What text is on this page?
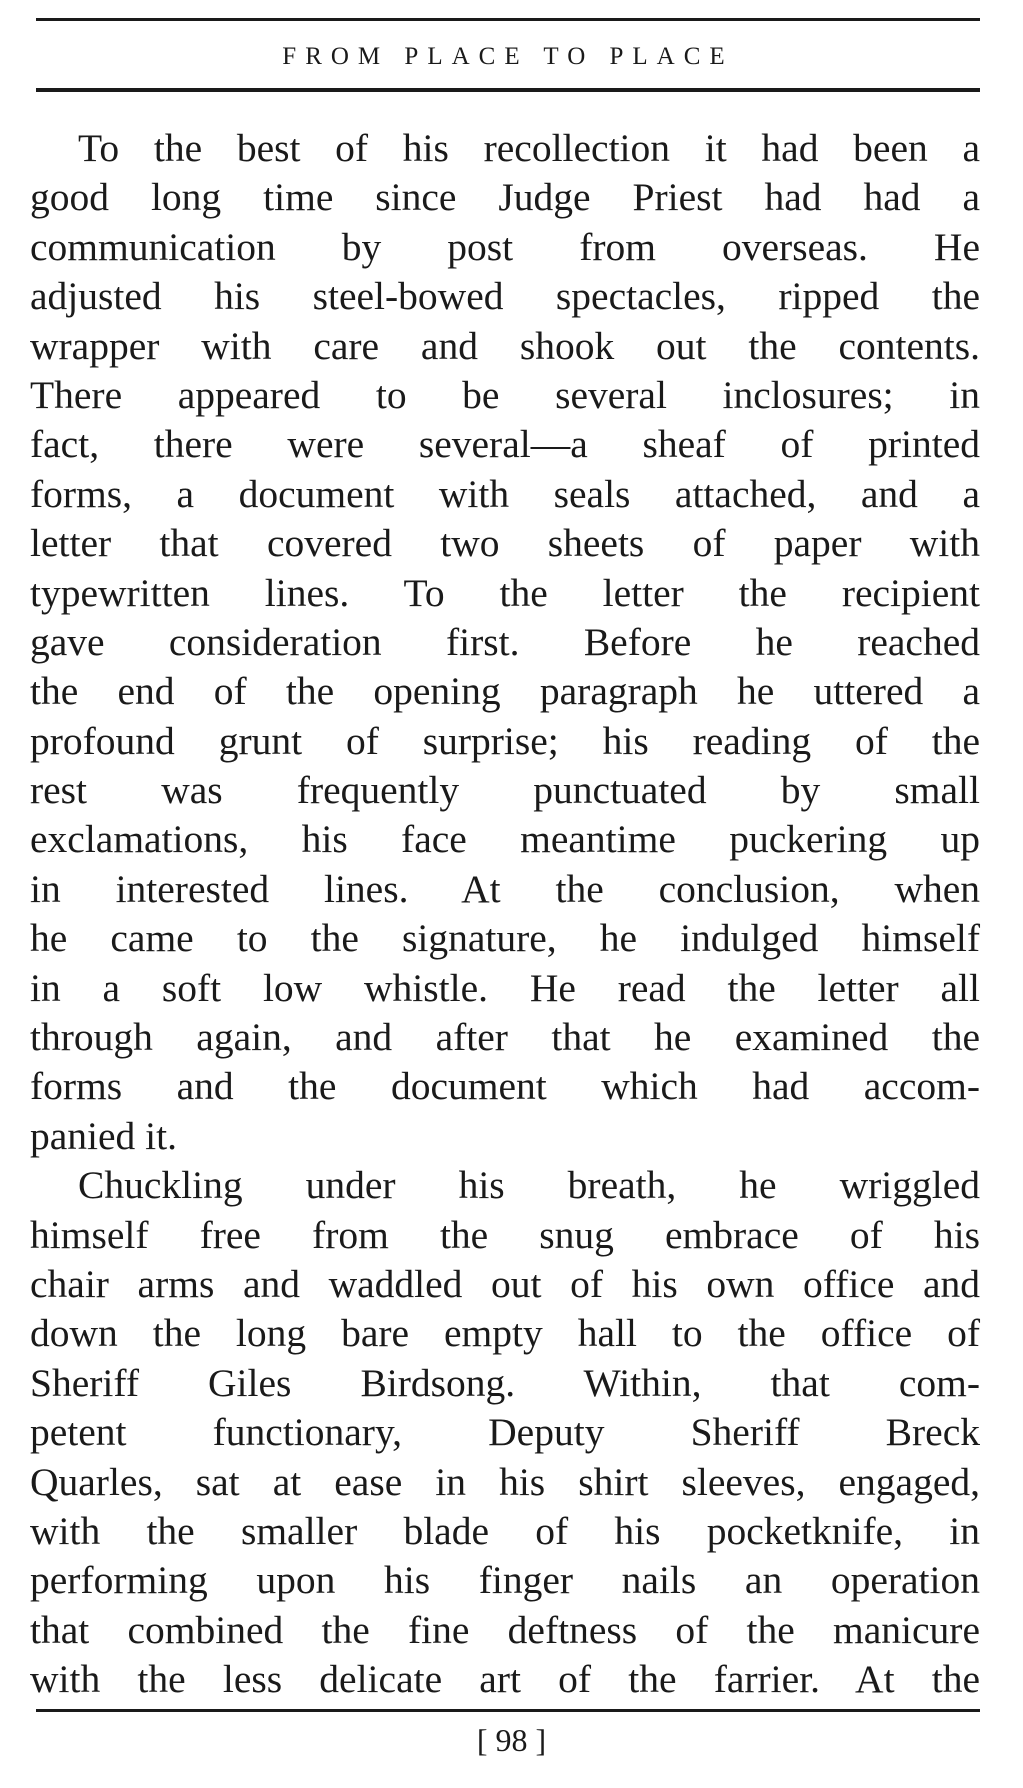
FROM PLACE TO PLACE
To the best of his recollection it had been a
good long time since Judge Priest had had a
communication by post from overseas. He
adjusted his steel-bowed spectacles, ripped the
wrapper with care and shook out the contents.
There appeared to be several inclosures; in
fact, there were several—a sheaf of printed
forms, a document with seals attached, and a
letter that covered two sheets of paper with
typewritten lines. To the letter the recipient
gave consideration first. Before he reached
the end of the opening paragraph he uttered a
profound grunt of surprise; his reading of the
rest was frequently punctuated by small
exclamations, his face meantime puckering up
in interested lines. At the conclusion, when
he came to the signature, he indulged himself
in a soft low whistle. He read the letter all
through again, and after that he examined the
forms and the document which had accom-
panied it.
Chuckling under his breath, he wriggled
himself free from the snug embrace of his
chair arms and waddled out of his own office and
down the long bare empty hall to the office of
Sheriff Giles Birdsong. Within, that com-
petent functionary, Deputy Sheriff Breck
Quarles, sat at ease in his shirt sleeves, engaged,
with the smaller blade of his pocketknife, in
performing upon his finger nails an operation
that combined the fine deftness of the manicure
with the less delicate art of the farrier. At the
[ 98 ]
